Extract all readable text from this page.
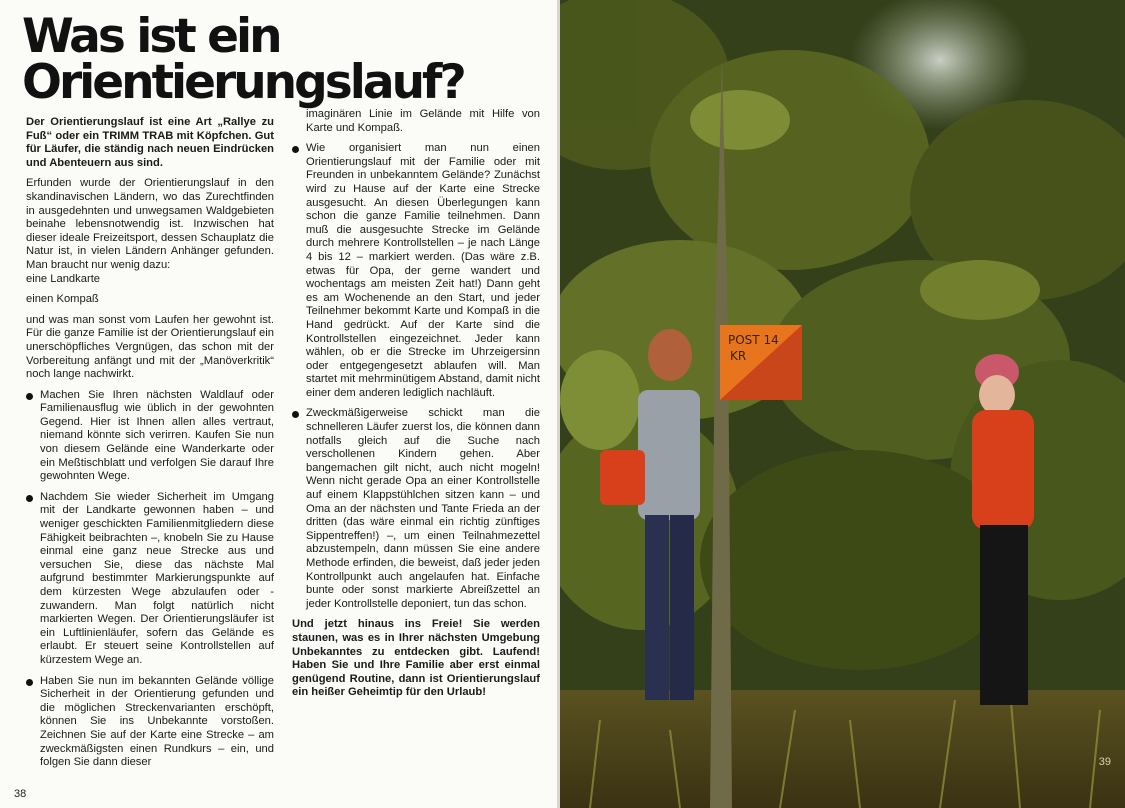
Was ist ein
Orientierungslauf?

Der Orientierungslauf ist eine Art „Rallye zu Fuß“ oder ein TRIMM TRAB mit Köpfchen. Gut für Läufer, die ständig nach neuen Eindrücken und Abenteuern aus sind.

Erfunden wurde der Orientierungslauf in den skandinavischen Ländern, wo das Zurechtfinden in ausgedehnten und unwegsamen Waldgebieten beinahe lebensnotwendig ist. Inzwischen hat dieser ideale Freizeitsport, dessen Schauplatz die Natur ist, in vielen Ländern Anhänger gefunden. Man braucht nur wenig dazu:

eine Landkarte

einen Kompaß

und was man sonst vom Laufen her gewohnt ist. Für die ganze Familie ist der Orientierungslauf ein unerschöpfliches Vergnügen, das schon mit der Vorbereitung anfängt und mit der „Manöverkritik“ noch lange nachwirkt.

Machen Sie Ihren nächsten Waldlauf oder Familienausflug wie üblich in der gewohnten Gegend. Hier ist Ihnen allen alles vertraut, niemand könnte sich verirren. Kaufen Sie nun von diesem Gelände eine Wanderkarte oder ein Meßtischblatt und verfolgen Sie darauf Ihre gewohnten Wege.
Nachdem Sie wieder Sicherheit im Umgang mit der Landkarte gewonnen haben – und weniger geschickten Familienmitgliedern diese Fähigkeit beibrachten –, knobeln Sie zu Hause einmal eine ganz neue Strecke aus und versuchen Sie, diese das nächste Mal aufgrund bestimmter Markierungspunkte auf dem kürzesten Wege abzulaufen oder -zuwandern. Man folgt natürlich nicht markierten Wegen. Der Orientierungsläufer ist ein Luftlinienläufer, sofern das Gelände es erlaubt. Er steuert seine Kontrollstellen auf kürzestem Wege an.
Haben Sie nun im bekannten Gelände völlige Sicherheit in der Orientierung gefunden und die möglichen Streckenvarianten erschöpft, können Sie ins Unbekannte vorstoßen. Zeichnen Sie auf der Karte eine Strecke – am zweckmäßigsten einen Rundkurs – ein, und folgen Sie dann dieser

imaginären Linie im Gelände mit Hilfe von Karte und Kompaß.

Wie organisiert man nun einen Orientierungslauf mit der Familie oder mit Freunden in unbekanntem Gelände? Zunächst wird zu Hause auf der Karte eine Strecke ausgesucht. An diesen Überlegungen kann schon die ganze Familie teilnehmen. Dann muß die ausgesuchte Strecke im Gelände durch mehrere Kontrollstellen – je nach Länge 4 bis 12 – markiert werden. (Das wäre z.B. etwas für Opa, der gerne wandert und wochentags am meisten Zeit hat!) Dann geht es am Wochenende an den Start, und jeder Teilnehmer bekommt Karte und Kompaß in die Hand gedrückt. Auf der Karte sind die Kontrollstellen eingezeichnet. Jeder kann wählen, ob er die Strecke im Uhrzeigersinn oder entgegengesetzt ablaufen will. Man startet mit mehrminütigem Abstand, damit nicht einer dem anderen lediglich nachläuft.
Zweckmäßigerweise schickt man die schnelleren Läufer zuerst los, die können dann notfalls gleich auf die Suche nach verschollenen Kindern gehen. Aber bangemachen gilt nicht, auch nicht mogeln! Wenn nicht gerade Opa an einer Kontrollstelle auf einem Klappstühlchen sitzen kann – und Oma an der nächsten und Tante Frieda an der dritten (das wäre einmal ein richtig zünftiges Sippentreffen!) –, um einen Teilnahmezettel abzustempeln, dann müssen Sie eine andere Methode erfinden, die beweist, daß jeder jeden Kontrollpunkt auch angelaufen hat. Einfache bunte oder sonst markierte Abreißzettel an jeder Kontrollstelle deponiert, tun das schon.

Und jetzt hinaus ins Freie! Sie werden staunen, was es in Ihrer nächsten Umgebung Unbekanntes zu entdecken gibt. Laufend! Haben Sie und Ihre Familie aber erst einmal genügend Routine, dann ist Orientierungslauf ein heißer Geheimtip für den Urlaub!

38
POST 14
KR
39
